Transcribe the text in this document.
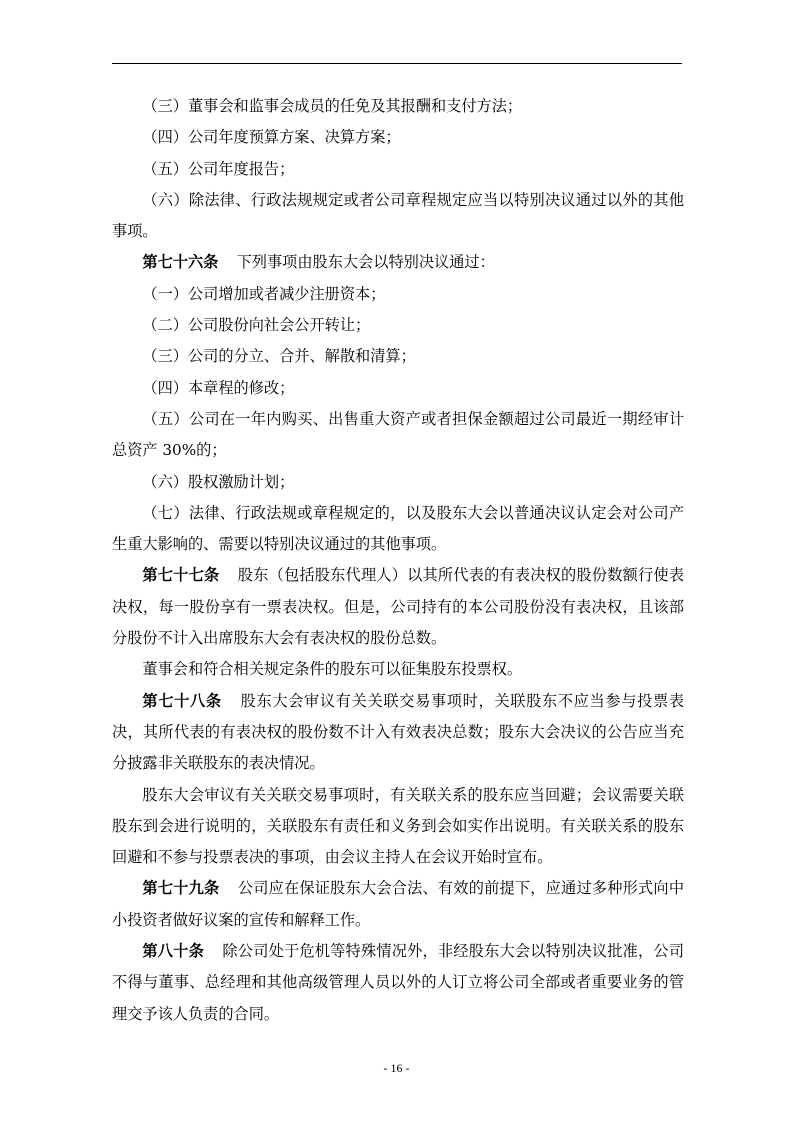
（三）董事会和监事会成员的任免及其报酬和支付方法；

（四）公司年度预算方案、决算方案；

（五）公司年度报告；

（六）除法律、行政法规规定或者公司章程规定应当以特别决议通过以外的其他事项。

第七十六条 下列事项由股东大会以特别决议通过：

（一）公司增加或者减少注册资本；

（二）公司股份向社会公开转让；

（三）公司的分立、合并、解散和清算；

（四）本章程的修改；

（五）公司在一年内购买、出售重大资产或者担保金额超过公司最近一期经审计总资产 30%的；

（六）股权激励计划；

（七）法律、行政法规或章程规定的，以及股东大会以普通决议认定会对公司产生重大影响的、需要以特别决议通过的其他事项。

第七十七条 股东（包括股东代理人）以其所代表的有表决权的股份数额行使表决权，每一股份享有一票表决权。但是，公司持有的本公司股份没有表决权，且该部分股份不计入出席股东大会有表决权的股份总数。

董事会和符合相关规定条件的股东可以征集股东投票权。

第七十八条 股东大会审议有关关联交易事项时，关联股东不应当参与投票表决，其所代表的有表决权的股份数不计入有效表决总数；股东大会决议的公告应当充分披露非关联股东的表决情况。

股东大会审议有关关联交易事项时，有关联关系的股东应当回避；会议需要关联股东到会进行说明的，关联股东有责任和义务到会如实作出说明。有关联关系的股东回避和不参与投票表决的事项，由会议主持人在会议开始时宣布。

第七十九条 公司应在保证股东大会合法、有效的前提下，应通过多种形式向中小投资者做好议案的宣传和解释工作。

第八十条 除公司处于危机等特殊情况外，非经股东大会以特别决议批准，公司不得与董事、总经理和其他高级管理人员以外的人订立将公司全部或者重要业务的管理交予该人负责的合同。

- 16 -
